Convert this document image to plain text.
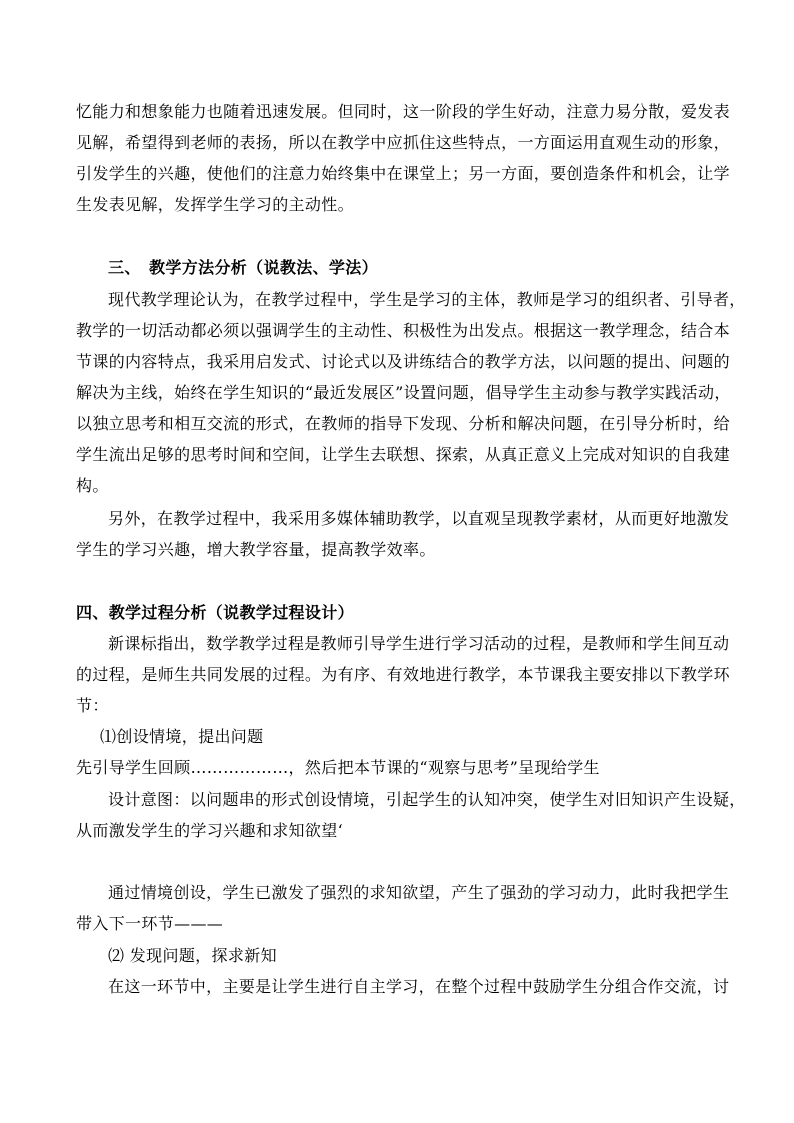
忆能力和想象能力也随着迅速发展。但同时，这一阶段的学生好动，注意力易分散，爱发表
见解，希望得到老师的表扬，所以在教学中应抓住这些特点，一方面运用直观生动的形象，
引发学生的兴趣，使他们的注意力始终集中在课堂上；另一方面，要创造条件和机会，让学
生发表见解，发挥学生学习的主动性。
三、　教学方法分析（说教法、学法）
现代教学理论认为，在教学过程中，学生是学习的主体，教师是学习的组织者、引导者，
教学的一切活动都必须以强调学生的主动性、积极性为出发点。根据这一教学理念，结合本
节课的内容特点，我采用启发式、讨论式以及讲练结合的教学方法，以问题的提出、问题的
解决为主线，始终在学生知识的“最近发展区”设置问题，倡导学生主动参与教学实践活动，
以独立思考和相互交流的形式，在教师的指导下发现、分析和解决问题，在引导分析时，给
学生流出足够的思考时间和空间，让学生去联想、探索，从真正意义上完成对知识的自我建
构。
另外，在教学过程中，我采用多媒体辅助教学，以直观呈现教学素材，从而更好地激发
学生的学习兴趣，增大教学容量，提高教学效率。
四、教学过程分析（说教学过程设计）
新课标指出，数学教学过程是教师引导学生进行学习活动的过程，是教师和学生间互动
的过程，是师生共同发展的过程。为有序、有效地进行教学，本节课我主要安排以下教学环
节：
⑴创设情境，提出问题
先引导学生回顾………………，然后把本节课的“观察与思考”呈现给学生
设计意图：以问题串的形式创设情境，引起学生的认知冲突，使学生对旧知识产生设疑，
从而激发学生的学习兴趣和求知欲望‘
通过情境创设，学生已激发了强烈的求知欲望，产生了强劲的学习动力，此时我把学生
带入下一环节———
⑵ 发现问题，探求新知
在这一环节中，主要是让学生进行自主学习，在整个过程中鼓励学生分组合作交流，讨
